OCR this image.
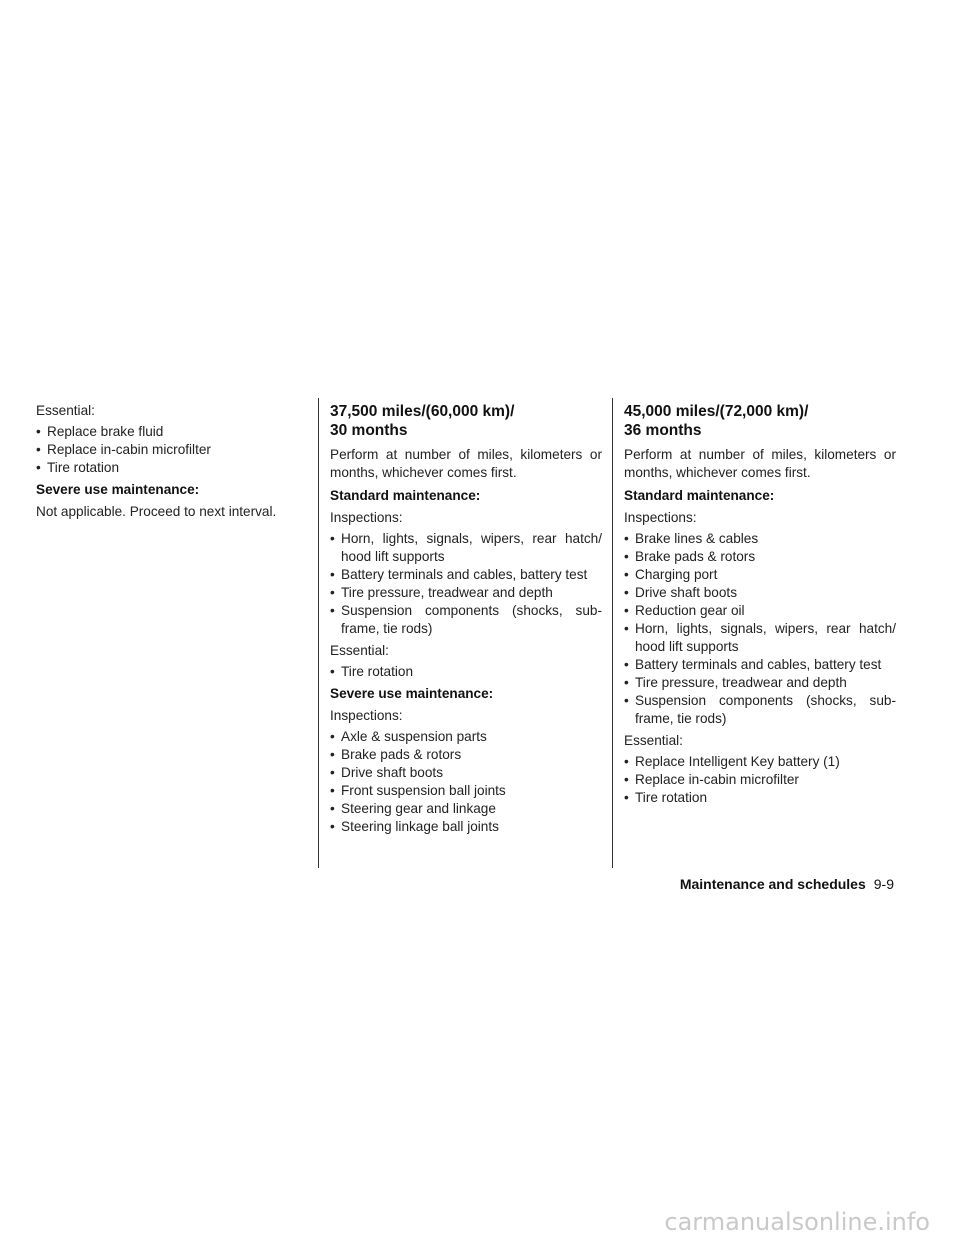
Essential:
• Replace brake fluid
• Replace in-cabin microfilter
• Tire rotation
Severe use maintenance:
Not applicable. Proceed to next interval.
37,500 miles/(60,000 km)/
30 months
Perform at number of miles, kilometers or months, whichever comes first.
Standard maintenance:
Inspections:
• Horn, lights, signals, wipers, rear hatch/ hood lift supports
• Battery terminals and cables, battery test
• Tire pressure, treadwear and depth
• Suspension components (shocks, sub- frame, tie rods)
Essential:
• Tire rotation
Severe use maintenance:
Inspections:
• Axle & suspension parts
• Brake pads & rotors
• Drive shaft boots
• Front suspension ball joints
• Steering gear and linkage
• Steering linkage ball joints
45,000 miles/(72,000 km)/
36 months
Perform at number of miles, kilometers or months, whichever comes first.
Standard maintenance:
Inspections:
• Brake lines & cables
• Brake pads & rotors
• Charging port
• Drive shaft boots
• Reduction gear oil
• Horn, lights, signals, wipers, rear hatch/ hood lift supports
• Battery terminals and cables, battery test
• Tire pressure, treadwear and depth
• Suspension components (shocks, sub- frame, tie rods)
Essential:
• Replace Intelligent Key battery (1)
• Replace in-cabin microfilter
• Tire rotation
Maintenance and schedules 9-9
carmanualsonline.info
